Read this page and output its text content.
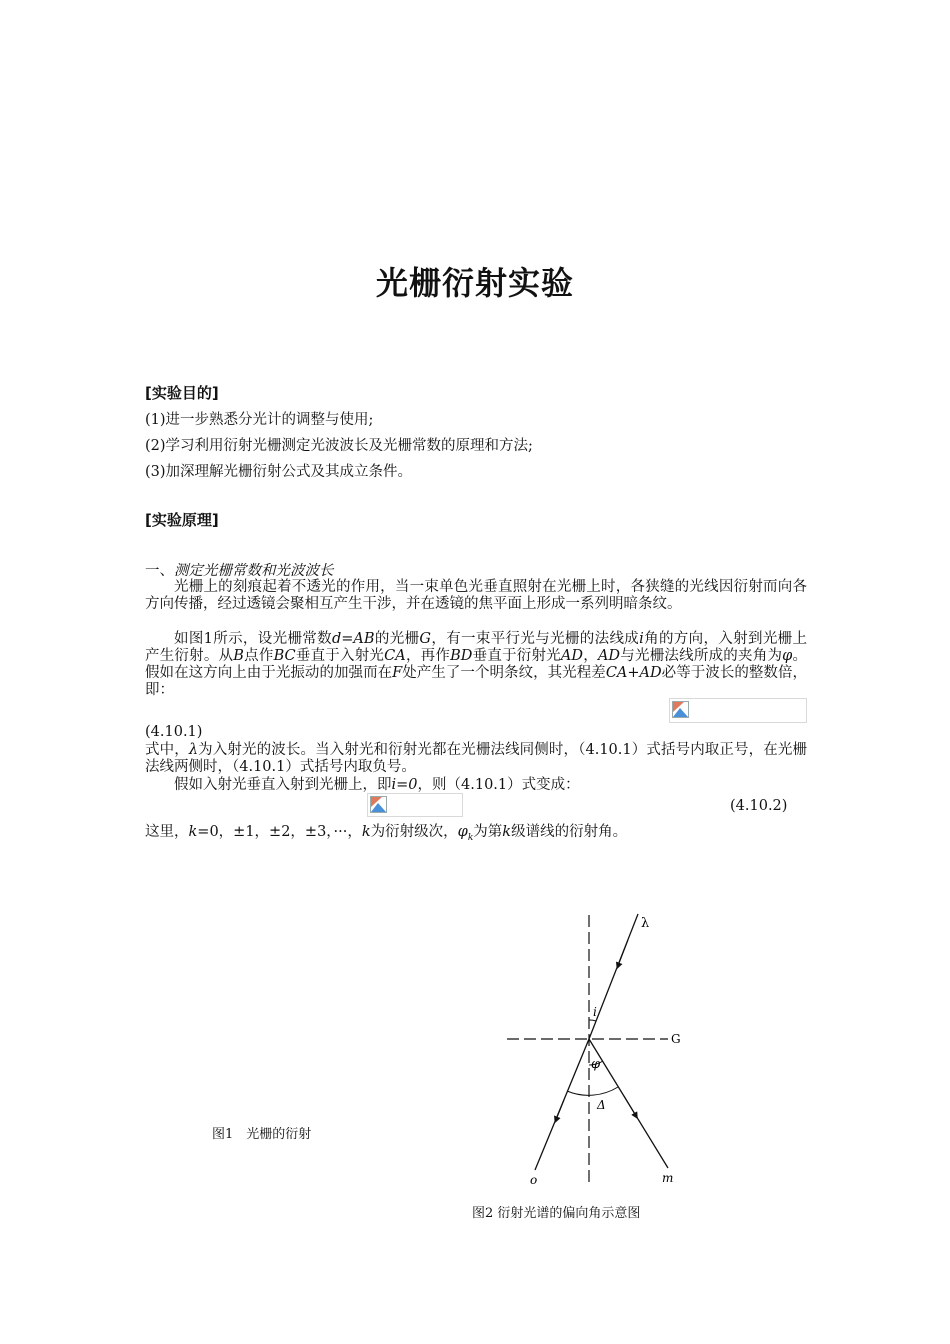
光栅衍射实验
[实验目的]
(1)进一步熟悉分光计的调整与使用;
(2)学习利用衍射光栅测定光波波长及光栅常数的原理和方法;
(3)加深理解光栅衍射公式及其成立条件。
[实验原理]
一、测定光栅常数和光波波长
光栅上的刻痕起着不透光的作用，当一束单色光垂直照射在光栅上时，各狭缝的光线因衍射而向各方向传播，经过透镜会聚相互产生干涉，并在透镜的焦平面上形成一系列明暗条纹。
如图1所示，设光栅常数d=AB的光栅G，有一束平行光与光栅的法线成i角的方向，入射到光栅上产生衍射。从B点作BC垂直于入射光CA，再作BD垂直于衍射光AD，AD与光栅法线所成的夹角为φ。假如在这方向上由于光振动的加强而在F处产生了一个明条纹，其光程差CA+AD必等于波长的整数倍，即：
(4.10.1)
式中，λ为入射光的波长。当入射光和衍射光都在光栅法线同侧时，（4.10.1）式括号内取正号，在光栅法线两侧时，（4.10.1）式括号内取负号。
假如入射光垂直入射到光栅上，即i=0，则（4.10.1）式变成：
(4.10.2)
这里，k=0，±1，±2，±3，···，k为衍射级次，$\varphi_k$为第k级谱线的衍射角。
图1　光栅的衍射
λ
i
G
φ
Δ
o	m
图2 衍射光谱的偏向角示意图
